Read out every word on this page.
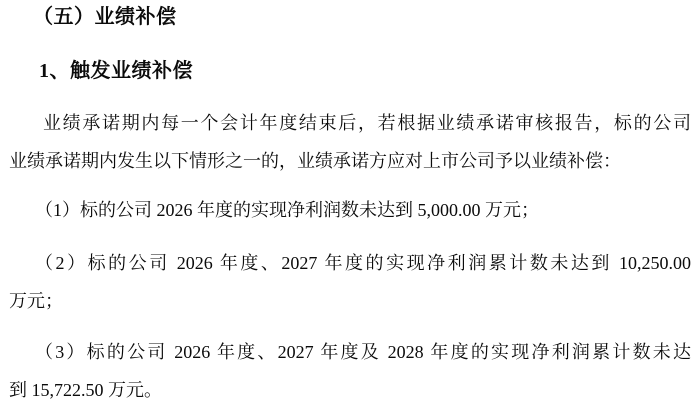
（五）业绩补偿
1、触发业绩补偿
业绩承诺期内每一个会计年度结束后，若根据业绩承诺审核报告，标的公司
业绩承诺期内发生以下情形之一的，业绩承诺方应对上市公司予以业绩补偿：
（1）标的公司 2026 年度的实现净利润数未达到 5,000.00 万元；
（2）标的公司 2026 年度、2027 年度的实现净利润累计数未达到 10,250.00
万元；
（3）标的公司 2026 年度、2027 年度及 2028 年度的实现净利润累计数未达
到 15,722.50 万元。
